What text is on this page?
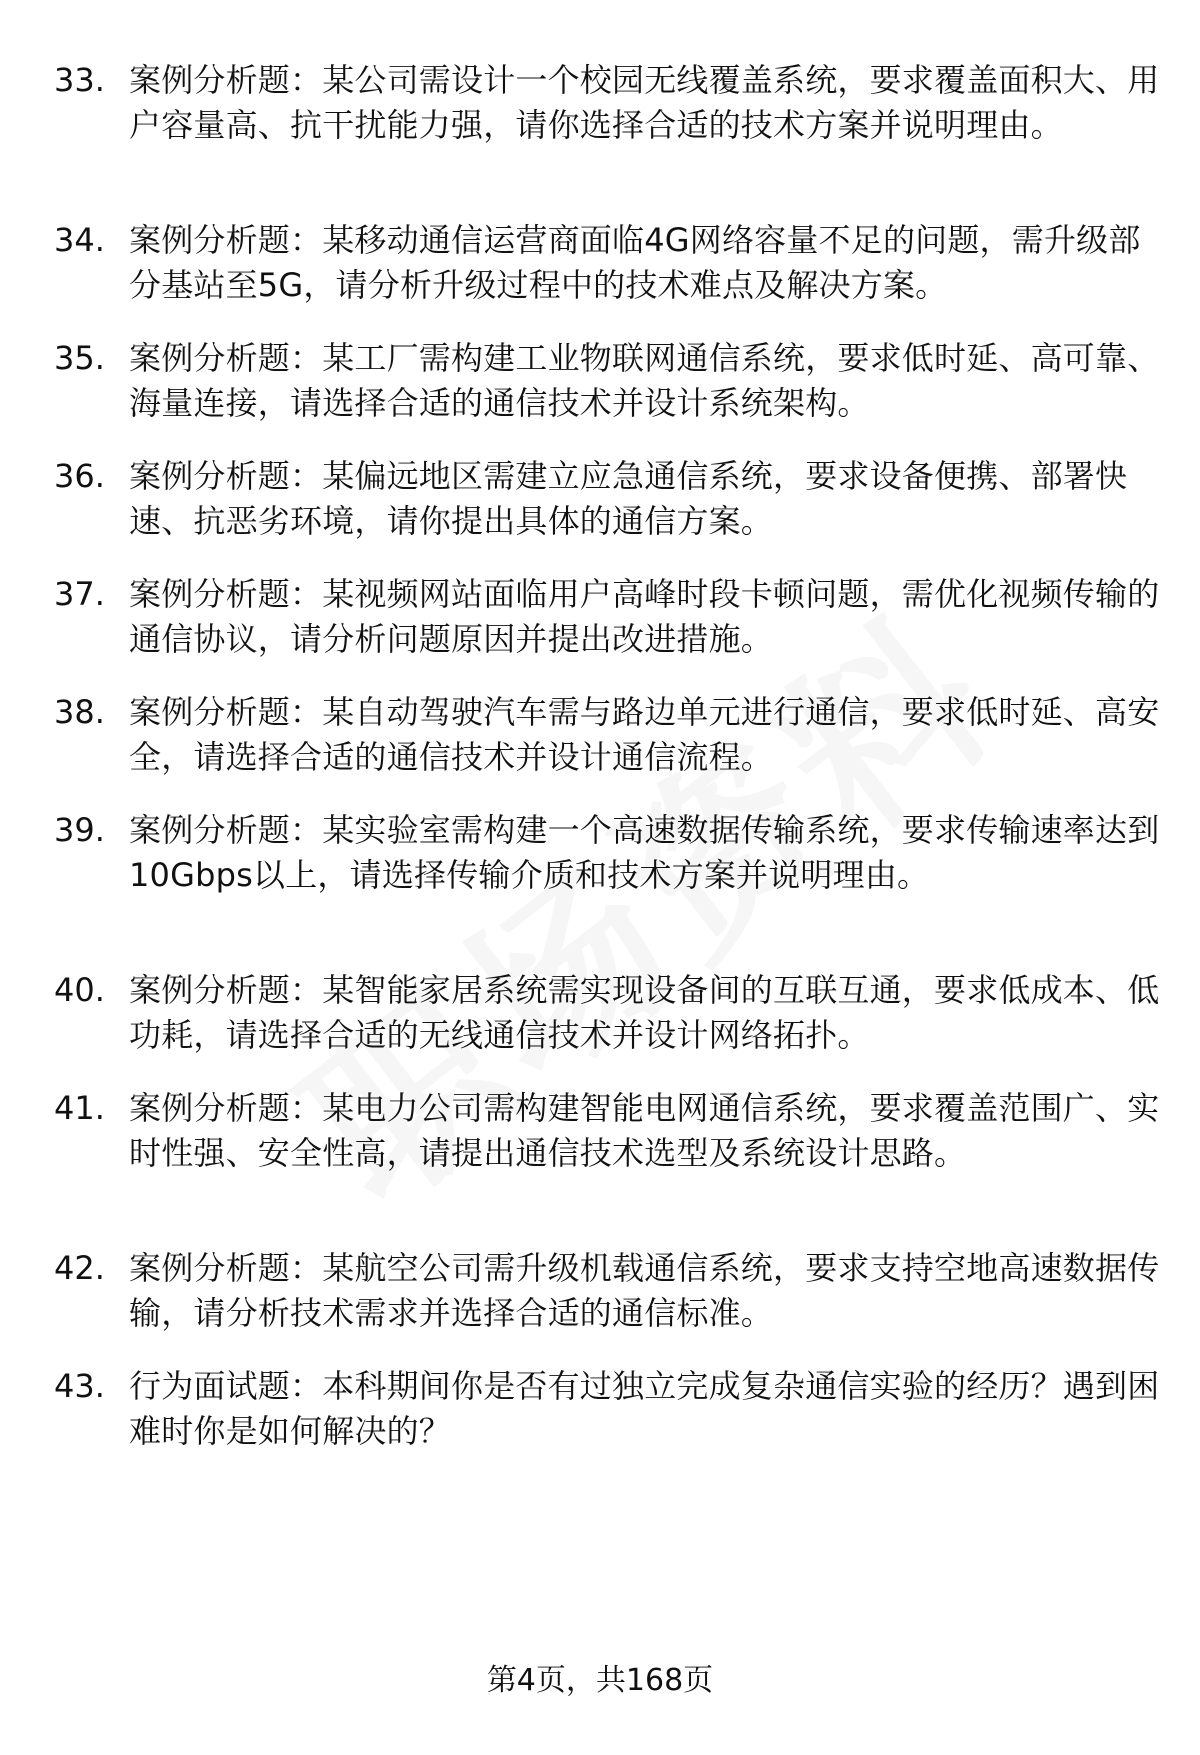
33. 案例分析题：某公司需设计一个校园无线覆盖系统，要求覆盖面积大、用户容量高、抗干扰能力强，请你选择合适的技术方案并说明理由。
34. 案例分析题：某移动通信运营商面临4G网络容量不足的问题，需升级部分基站至5G，请分析升级过程中的技术难点及解决方案。
35. 案例分析题：某工厂需构建工业物联网通信系统，要求低时延、高可靠、海量连接，请选择合适的通信技术并设计系统架构。
36. 案例分析题：某偏远地区需建立应急通信系统，要求设备便携、部署快速、抗恶劣环境，请你提出具体的通信方案。
37. 案例分析题：某视频网站面临用户高峰时段卡顿问题，需优化视频传输的通信协议，请分析问题原因并提出改进措施。
38. 案例分析题：某自动驾驶汽车需与路边单元进行通信，要求低时延、高安全，请选择合适的通信技术并设计通信流程。
39. 案例分析题：某实验室需构建一个高速数据传输系统，要求传输速率达到10Gbps以上，请选择传输介质和技术方案并说明理由。
40. 案例分析题：某智能家居系统需实现设备间的互联互通，要求低成本、低功耗，请选择合适的无线通信技术并设计网络拓扑。
41. 案例分析题：某电力公司需构建智能电网通信系统，要求覆盖范围广、实时性强、安全性高，请提出通信技术选型及系统设计思路。
42. 案例分析题：某航空公司需升级机载通信系统，要求支持空地高速数据传输，请分析技术需求并选择合适的通信标准。
43. 行为面试题：本科期间你是否有过独立完成复杂通信实验的经历？遇到困难时你是如何解决的？
第4页，共168页
